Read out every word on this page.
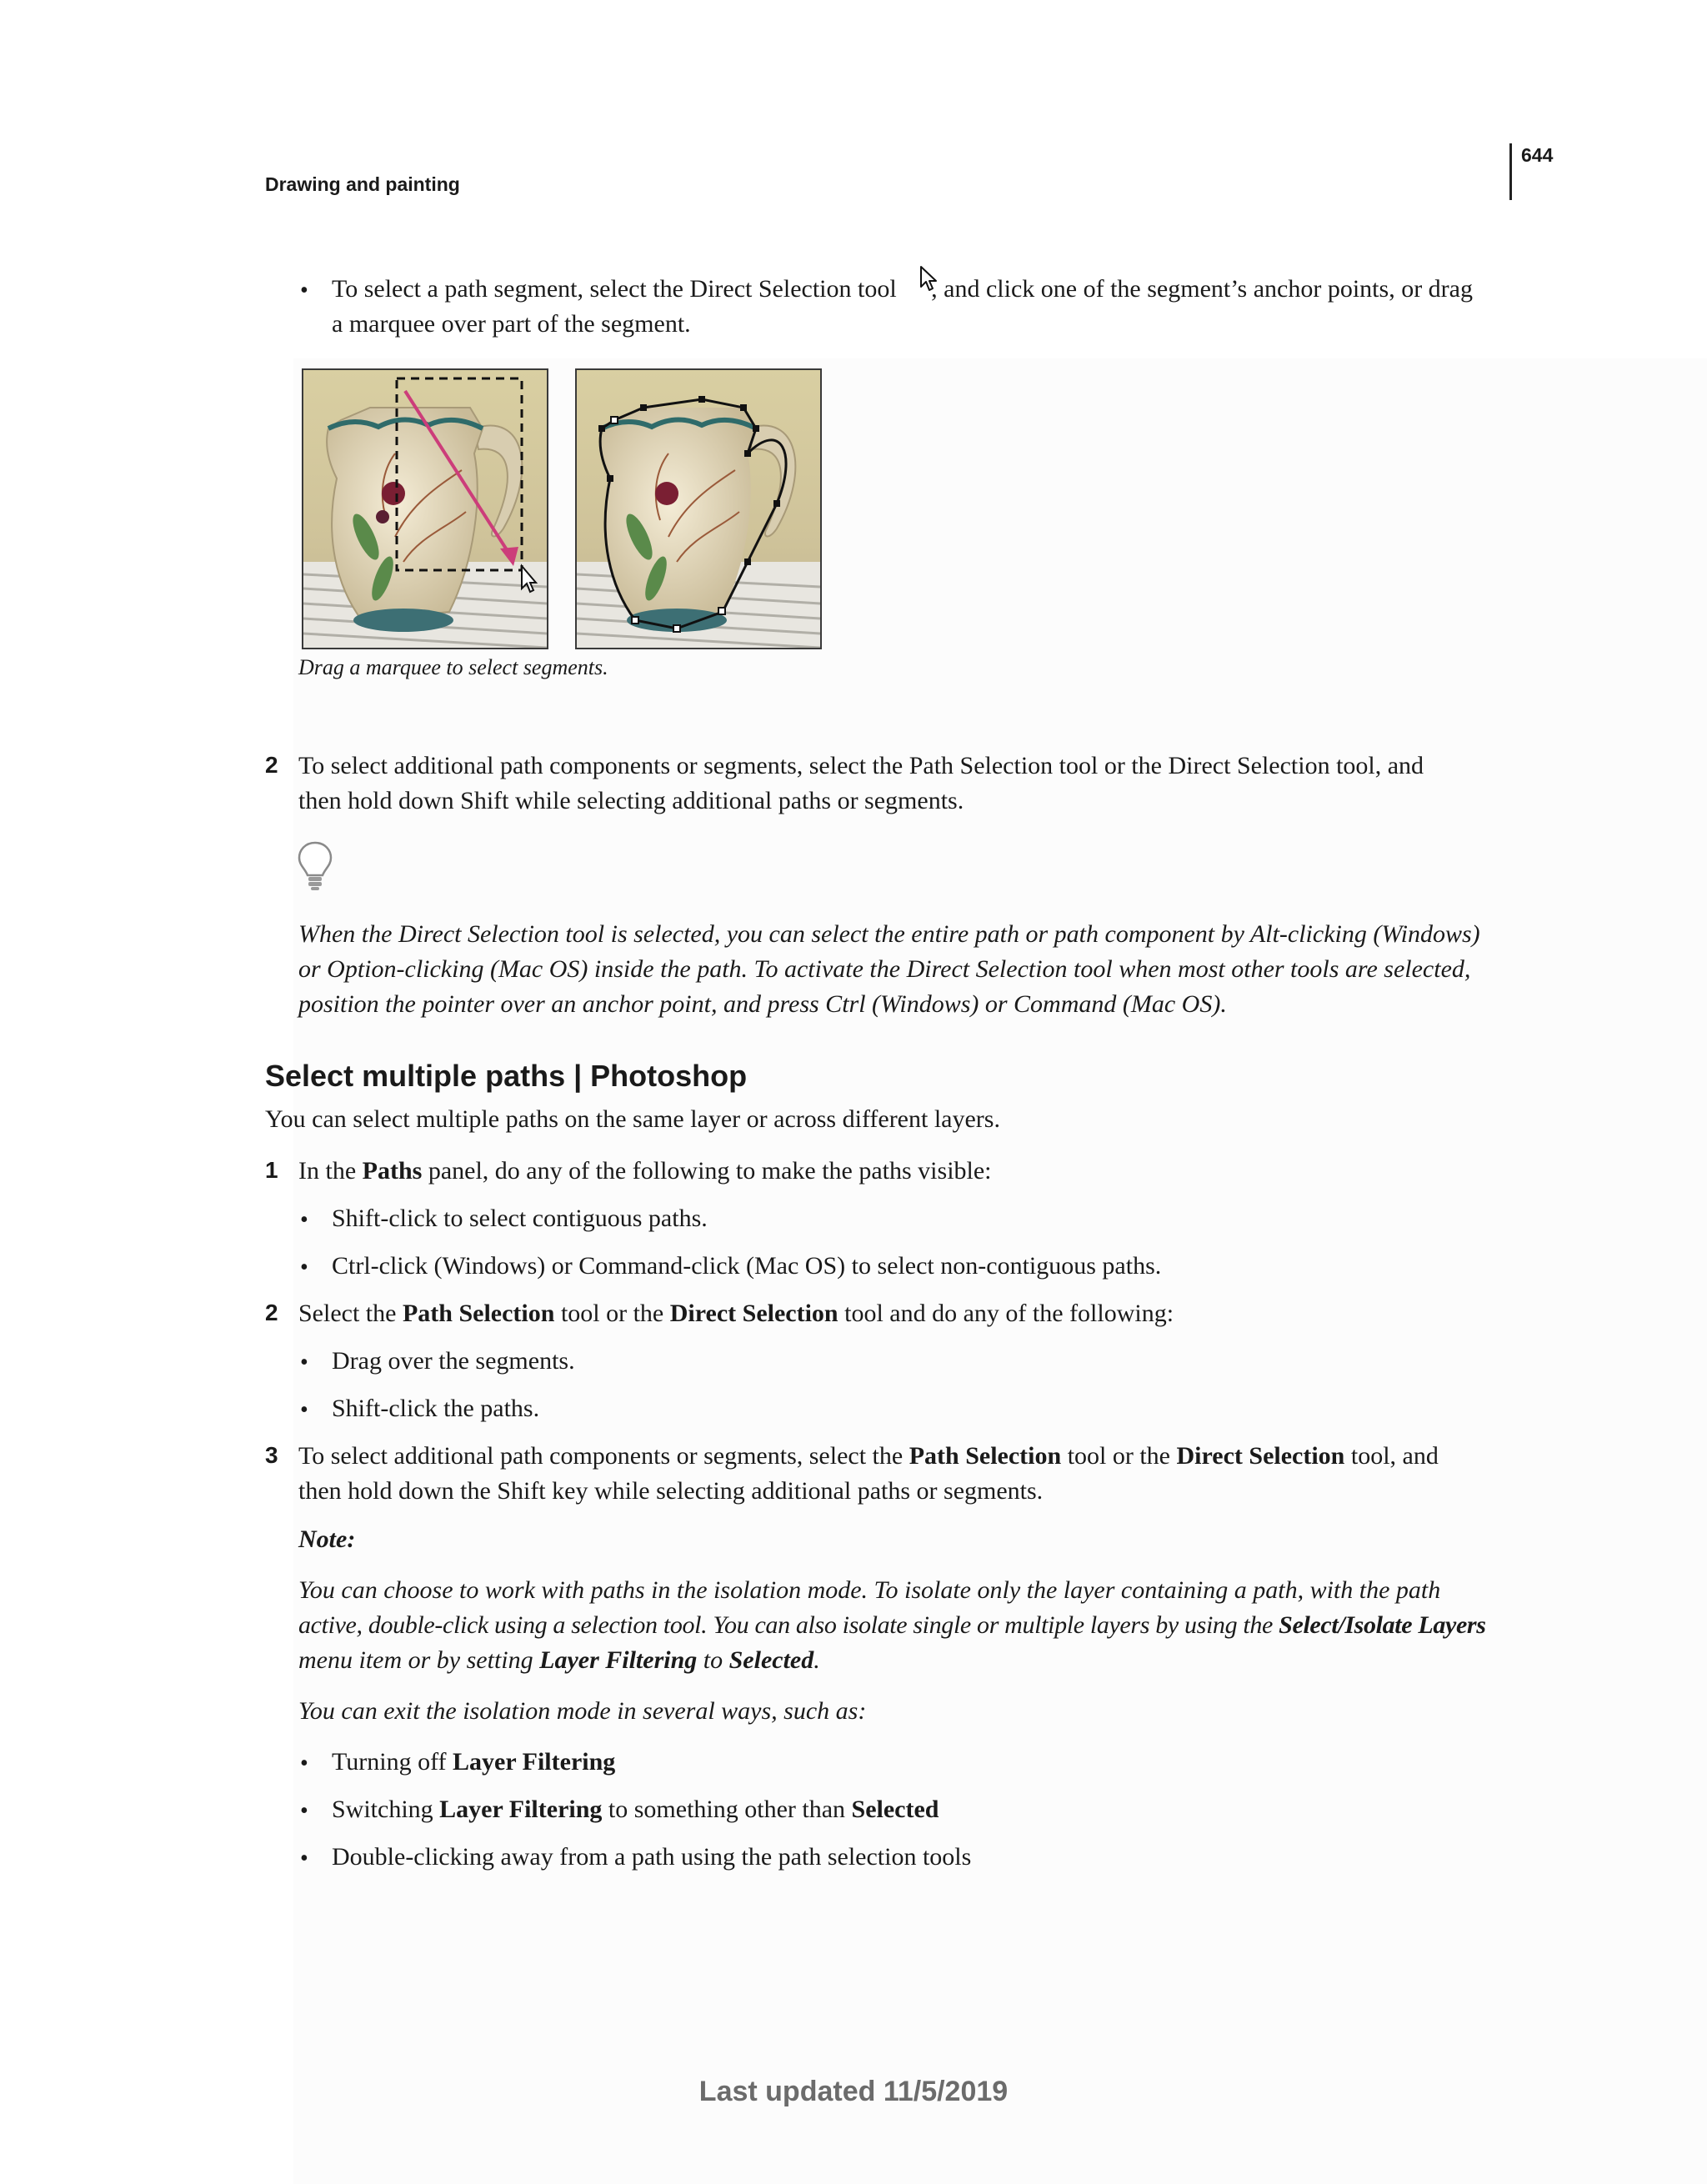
Drawing and painting
644
• To select a path segment, select the Direct Selection tool , and click one of the segment’s anchor points, or drag
a marquee over part of the segment.
Drag a marquee to select segments.
2 To select additional path components or segments, select the Path Selection tool or the Direct Selection tool, and
then hold down Shift while selecting additional paths or segments.
When the Direct Selection tool is selected, you can select the entire path or path component by Alt-clicking (Windows)
or Option-clicking (Mac OS) inside the path. To activate the Direct Selection tool when most other tools are selected,
position the pointer over an anchor point, and press Ctrl (Windows) or Command (Mac OS).
Select multiple paths | Photoshop
You can select multiple paths on the same layer or across different layers.
1 In the Paths panel, do any of the following to make the paths visible:
• Shift-click to select contiguous paths.
• Ctrl-click (Windows) or Command-click (Mac OS) to select non-contiguous paths.
2 Select the Path Selection tool or the Direct Selection tool and do any of the following:
• Drag over the segments.
• Shift-click the paths.
3 To select additional path components or segments, select the Path Selection tool or the Direct Selection tool, and
then hold down the Shift key while selecting additional paths or segments.
Note:
You can choose to work with paths in the isolation mode. To isolate only the layer containing a path, with the path
active, double-click using a selection tool. You can also isolate single or multiple layers by using the Select/Isolate Layers
menu item or by setting Layer Filtering to Selected.
You can exit the isolation mode in several ways, such as:
• Turning off Layer Filtering
• Switching Layer Filtering to something other than Selected
• Double-clicking away from a path using the path selection tools
Last updated 11/5/2019
